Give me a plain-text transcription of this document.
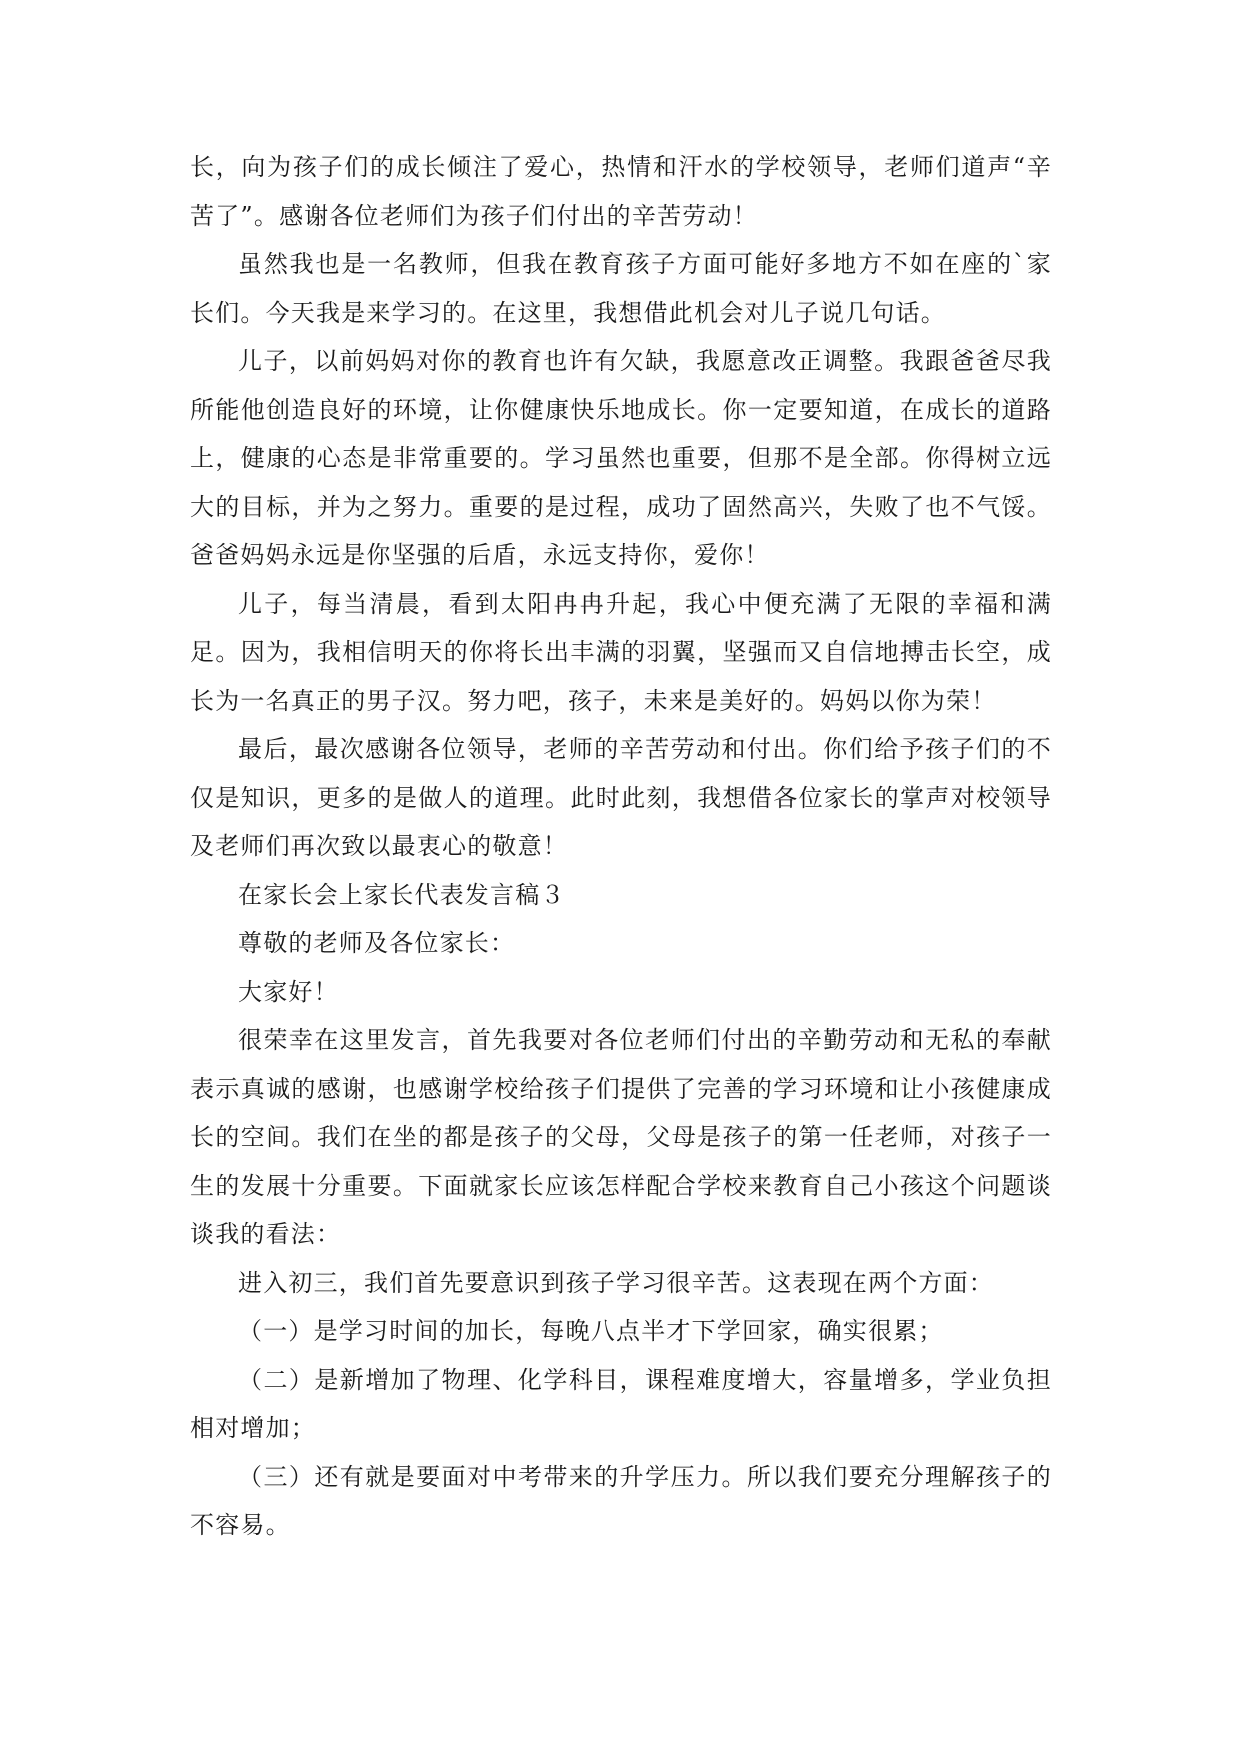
长，向为孩子们的成长倾注了爱心，热情和汗水的学校领导，老师们道声“辛苦了”。感谢各位老师们为孩子们付出的辛苦劳动！

虽然我也是一名教师，但我在教育孩子方面可能好多地方不如在座的`家长们。今天我是来学习的。在这里，我想借此机会对儿子说几句话。

儿子，以前妈妈对你的教育也许有欠缺，我愿意改正调整。我跟爸爸尽我所能他创造良好的环境，让你健康快乐地成长。你一定要知道，在成长的道路上，健康的心态是非常重要的。学习虽然也重要，但那不是全部。你得树立远大的目标，并为之努力。重要的是过程，成功了固然高兴，失败了也不气馁。爸爸妈妈永远是你坚强的后盾，永远支持你，爱你！

儿子，每当清晨，看到太阳冉冉升起，我心中便充满了无限的幸福和满足。因为，我相信明天的你将长出丰满的羽翼，坚强而又自信地搏击长空，成长为一名真正的男子汉。努力吧，孩子，未来是美好的。妈妈以你为荣！

最后，最次感谢各位领导，老师的辛苦劳动和付出。你们给予孩子们的不仅是知识，更多的是做人的道理。此时此刻，我想借各位家长的掌声对校领导及老师们再次致以最衷心的敬意！

在家长会上家长代表发言稿３

尊敬的老师及各位家长：

大家好！

很荣幸在这里发言，首先我要对各位老师们付出的辛勤劳动和无私的奉献表示真诚的感谢，也感谢学校给孩子们提供了完善的学习环境和让小孩健康成长的空间。我们在坐的都是孩子的父母，父母是孩子的第一任老师，对孩子一生的发展十分重要。下面就家长应该怎样配合学校来教育自己小孩这个问题谈谈我的看法：

进入初三，我们首先要意识到孩子学习很辛苦。这表现在两个方面：

（一）是学习时间的加长，每晚八点半才下学回家，确实很累；

（二）是新增加了物理、化学科目，课程难度增大，容量增多，学业负担相对增加；

（三）还有就是要面对中考带来的升学压力。所以我们要充分理解孩子的不容易。
